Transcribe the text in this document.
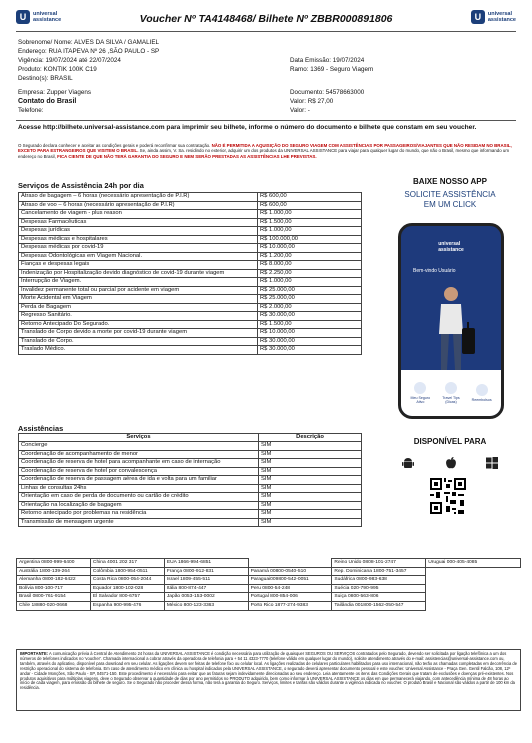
U	universal
assistance	Voucher Nº TA4148468/ Bilhete Nº ZBBR000891806	U	universal
assistance
Sobrenome/ Nome: ALVES DA SILVA / GAMALIEL
Endereço: RUA ITAPEVA Nº 26 ,SÃO PAULO - SP
Vigência: 19/07/2024 até 22/07/2024	Data Emissão: 19/07/2024
Produto: KONTIK 100K C19	Ramo: 1369 - Seguro Viagem
Destino(s): BRASIL
Empresa: Zupper Viagens	Documento: 54578663000
Contato do Brasil	Valor: R$ 27,00
Telefone:	Valor: -
Acesse http://bilhete.universal-assistance.com para imprimir seu bilhete, informe o número do documento e bilhete que constam em seu voucher.
O Segurado declara conhecer e aceitar as condições gerais e poderá reconfirmar sua contratação. NÃO É PERMITIDA A AQUISIÇÃO DO SEGURO VIAGEM COM ASSISTÊNCIAS POR PASSAGEIROS/VIAJANTES QUE NÃO RESIDAM NO BRASIL, EXCETO PARA ESTRANGEIROS QUE VISITEM O BRASIL. Se, ainda assim, V. Sa. residindo no exterior, adquirir um dos produtos da UNIVERSAL ASSISTANCE para viajar para qualquer lugar do mundo, que não o Brasil, mesmo que informando um endereço no Brasil, FICA CIENTE DE QUE NÃO TERÁ GARANTIA DO SEGURO E NEM SERÃO PRESTADAS AS ASSISTÊNCIAS LHE PREVISTAS.
Serviços de Assistência 24h por dia
Atraso de bagagem – 6 horas (necessário apresentação de P.I.R)	R$ 600,00
Atraso de voo – 6 horas (necessário apresentação de P.I.R)	R$ 600,00
Cancelamento de viagem - plus reason	R$ 1.000,00
Despesas Farmacêuticas	R$ 1.500,00
Despesas jurídicas	R$ 1.000,00
Despesas médicas e hospitalares	R$ 100.000,00
Despesas médicas por covid-19	R$ 10.000,00
Despesas Odontológicas em Viagem Nacional.	R$ 1.200,00
Fianças e despesas legais	R$ 8.000,00
Indenização por Hospitalização devido diagnóstico de covid-19 durante viagem	R$ 2.250,00
Interrupção de Viagem.	R$ 1.000,00
Invalidez permanente total ou parcial por acidente em viagem	R$ 25.000,00
Morte Acidental em Viagem	R$ 25.000,00
Perda de Bagagem	R$ 2.000,00
Regresso Sanitário.	R$ 30.000,00
Retorno Antecipado Do Segurado.	R$ 1.500,00
Translado de Corpo devido a morte por covid-19 durante viagem	R$ 10.000,00
Translado de Corpo.	R$ 30.000,00
Traslado Médico.	R$ 30.000,00
Assistências
Serviços	Descrição
Concierge	SIM
Coordenação de acompanhamento de menor	SIM
Coordenação de reserva de hotel para acompanhante em caso de internação	SIM
Coordenação de reserva de hotel por convalescença	SIM
Coordenação de reserva de passagem aérea de ida e volta para um familiar	SIM
Linhas de consultas 24hs	SIM
Orientação em caso de perda de documento ou cartão de crédito	SIM
Orientação na localização de bagagem	SIM
Retorno antecipado por problemas na residência	SIM
Transmissão de mensagem urgente	SIM
BAIXE NOSSO APP
SOLICITE ASSISTÊNCIA
EM UM CLICK
universal
assistance
Bem-vindo Usuário
Meu Seguro Ativo
Travel Tips (Dicas)
Reembolsos
DISPONÍVEL PARA
Argentina 0800-999-6400	China 4001 202 317	EUA 1866-994-6851		Reino Unido 0808-101-2747	Uruguai 000-405-4085
Austrália 1800-139-264	Colômbia 1800-954-0511	França 0800-912-831	Panamá 00800-0540-510	Rep. Dominicana 1800-751-3457	
Alemanha 0800-182-6422	Costa Rica 0800-054-2044	Israel 1809-455-511	Paraguai009800-542-0051	Sudáfrica 0800-983-638	
Bolívia 800-100-717	Equador 1800-102-028	Itália 800-874-447	Peru 0800-54-248	Suécia 020-790-995	
Brasil 0800-761-9154	El Salvador 800-6757	Japão 0053-153-0002	Portugal 800-854-006	Suiça 0800-563-806	
Chile 18880-020-0668	Espanha 900-995-476	México 800-123-3363	Porto Rico 1877-274-9383	Tailândia 001800-1562-050-547	
IMPORTANTE: A comunicação prévia à Central de Atendimento 24 horas da UNIVERSAL ASSISTANCE é condição necessária para utilização de quaisquer SEGUROS OU SERVIÇOS contratados pelo Segurado, devendo ser solicitada por ligação telefônica a um dos números de telefones indicados no 'voucher'. Chamada internacional a cobrar através da operadora de telefonia para + 54 11 4323-7770 (telefone válido em qualquer lugar do mundo), solicite atendimento através do e-mail: assistencias@universal-assistance.com ou, também, através do aplicativo, disponível para download em seu celular. As ligações devem ser feitas de telefone fixo ou celular local. As ligações realizadas de celulares particulares habilitados para uso internacional, não terão as chamadas completadas em decorrência de restrição operacional do sistema de telefonia. Em caso de atendimento médico em clínica ou hospital indicados pela UNIVERSAL ASSISTANCE, o segurado deverá apresentar documento pessoal e este voucher. Universal Assistance - Praça Gen. Gentil Falcão, 108, 12º andar - Cidade Monções, São Paulo - SP, 04571-150. Este procedimento é necessário para evitar que as faturas sejam indevidamente direcionadas ao seu endereço. Leia atentamente os itens das Condições Gerais que tratam de exclusões e doenças pré-existentes. Nos produtos aquisitivos para múltiplas viagens, deve o Segurado observar a quantidade de dias por ano permitidos no PRODUTO adquirido, bem como informar à UNIVERSAL ASSISTANCE os dias em que permanecerá viajando, com antecedência mínima de 48 horas ao início de cada viagem, para emissão do bilhete de seguro. Se o Segurado não proceder dessa forma, não terá a garantia do Seguro. Serviços, limites e tarifas são válidos durante a vigência indicada no voucher. O produto Brasil e Nacional são válidos a partir de 100 km da residência.
